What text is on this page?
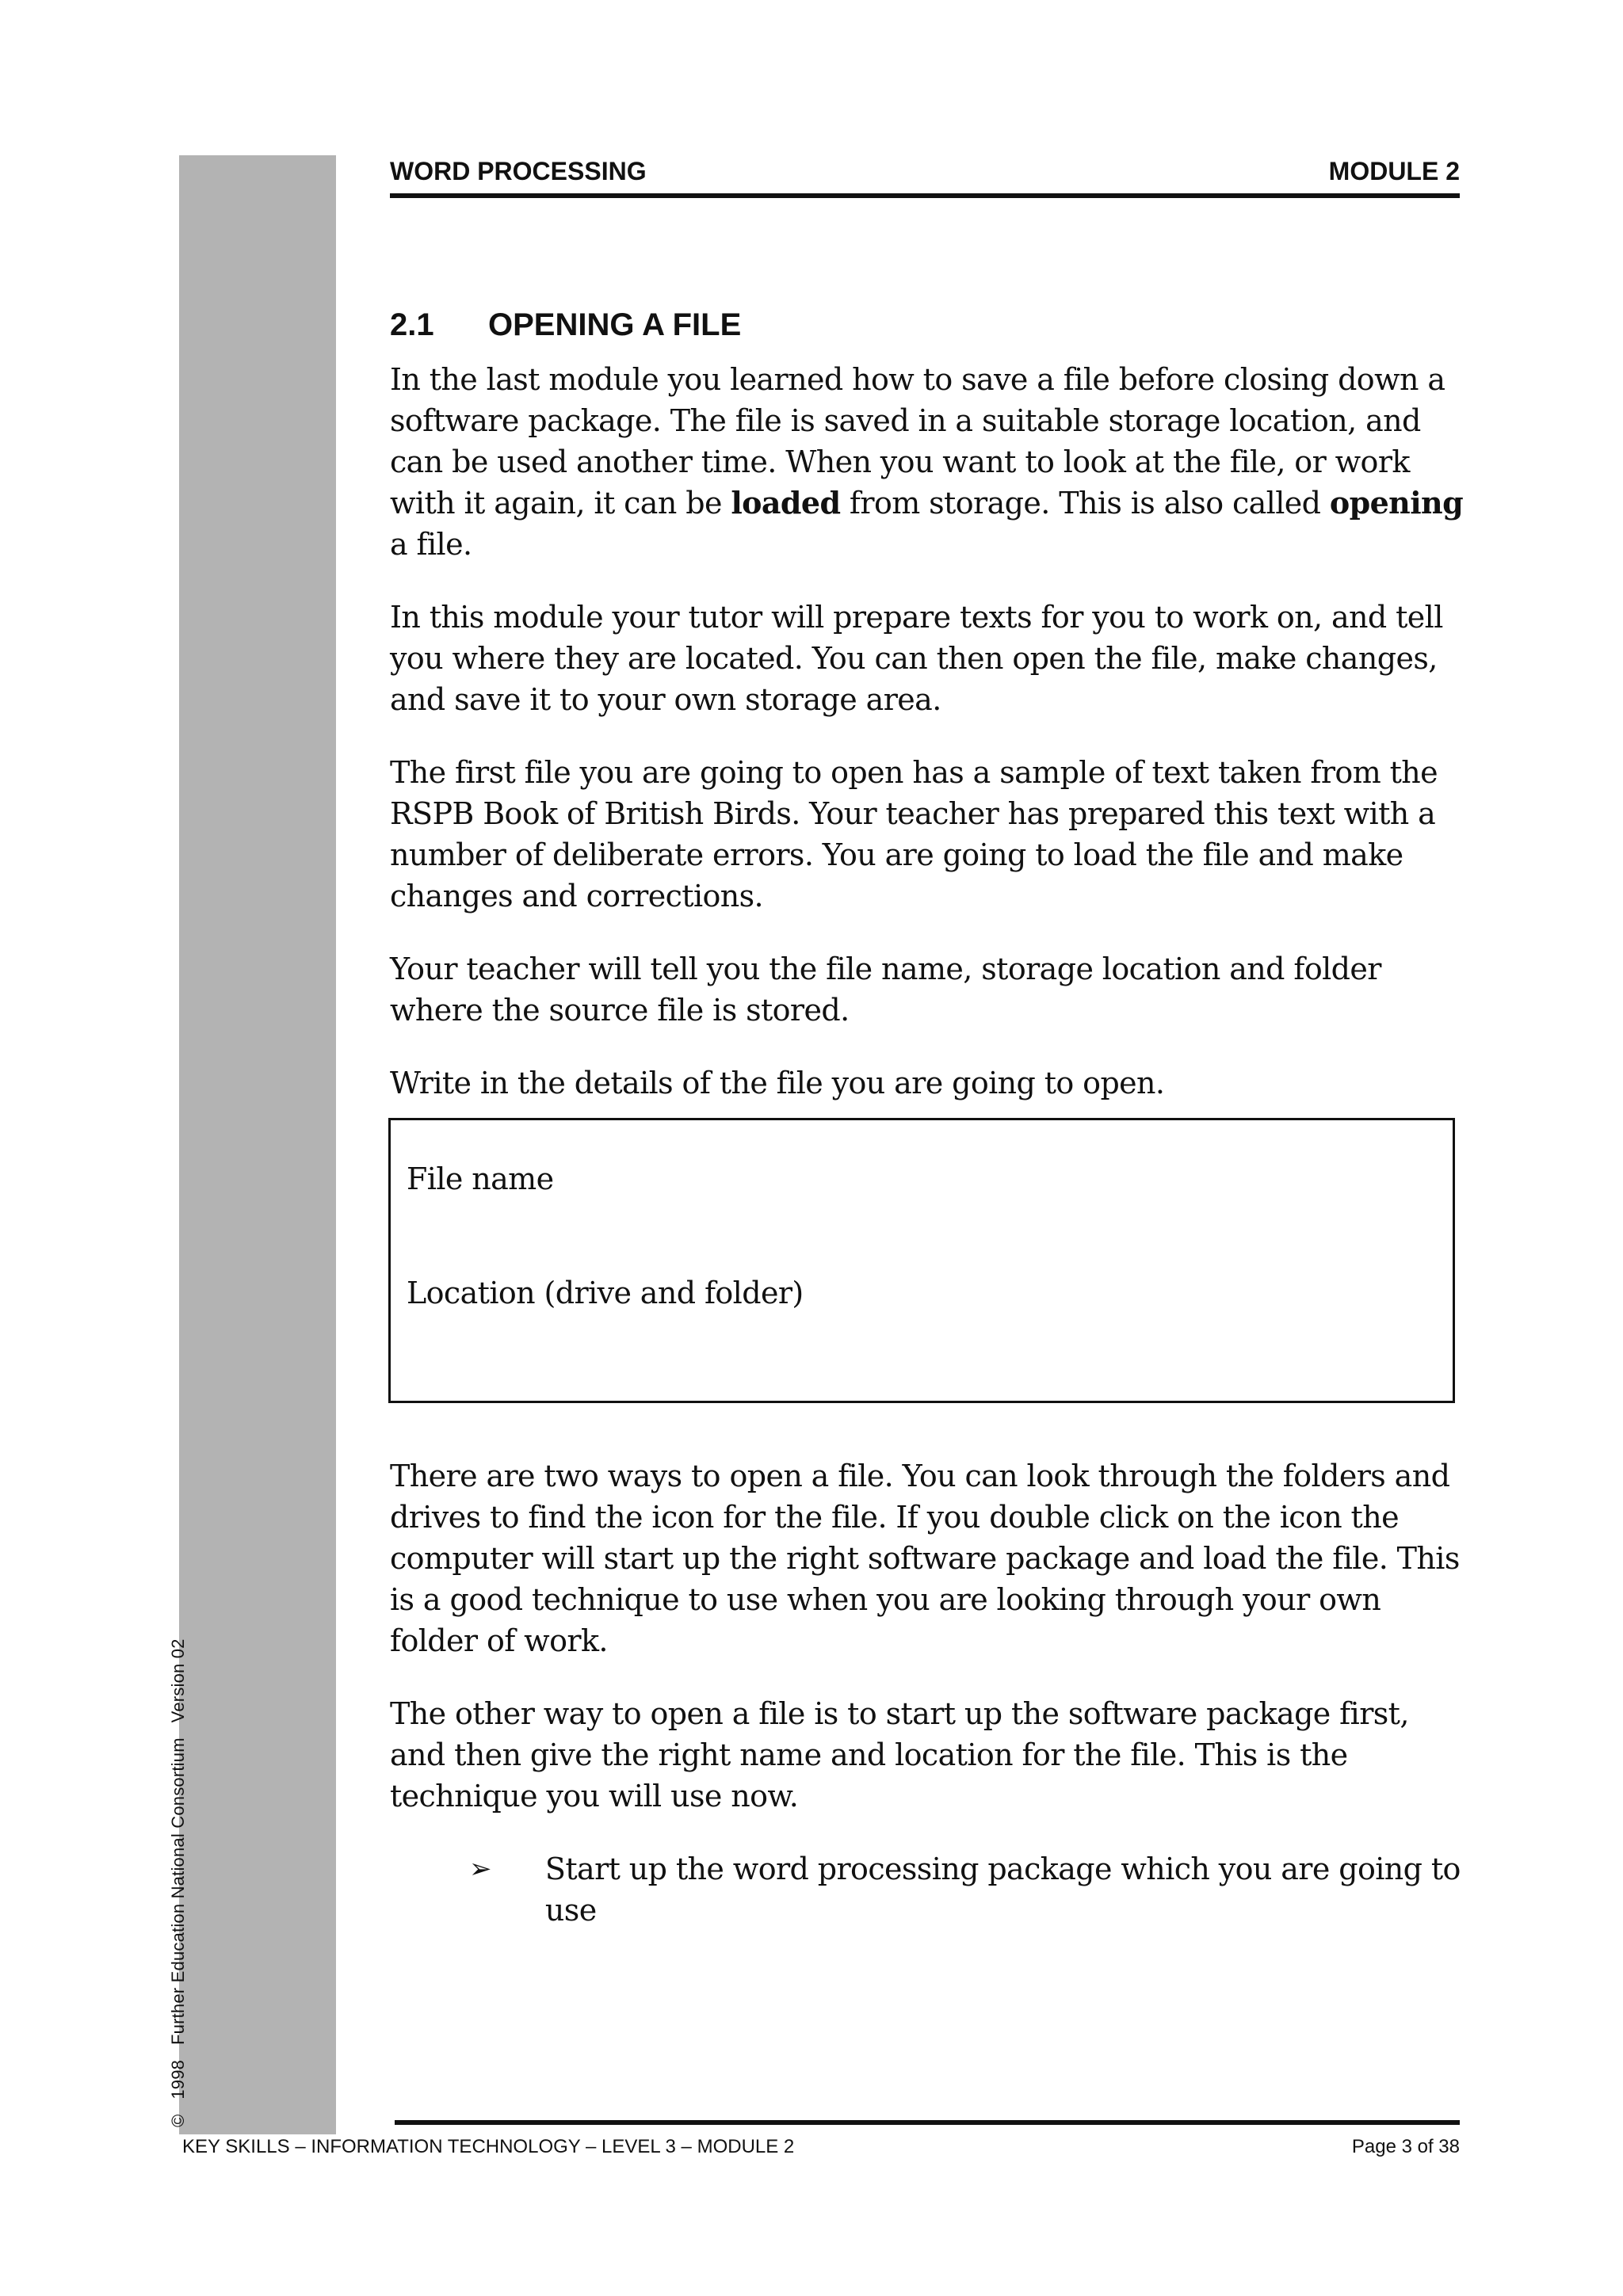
©   1998   Further Education National Consortium   Version 02
WORD PROCESSING	MODULE 2
2.1	OPENING A FILE

In the last module you learned how to save a file before closing down a software package. The file is saved in a suitable storage location, and can be used another time. When you want to look at the file, or work with it again, it can be loaded from storage. This is also called opening a file.

In this module your tutor will prepare texts for you to work on, and tell you where they are located. You can then open the file, make changes, and save it to your own storage area.

The first file you are going to open has a sample of text taken from the RSPB Book of British Birds. Your teacher has prepared this text with a number of deliberate errors. You are going to load the file and make changes and corrections.

Your teacher will tell you the file name, storage location and folder where the source file is stored.

Write in the details of the file you are going to open.

File name
Location (drive and folder)

There are two ways to open a file. You can look through the folders and drives to find the icon for the file. If you double click on the icon the computer will start up the right software package and load the file. This is a good technique to use when you are looking through your own folder of work.

The other way to open a file is to start up the software package first, and then give the right name and location for the file. This is the technique you will use now.

➢	Start up the word processing package which you are going to use

KEY SKILLS – INFORMATION TECHNOLOGY – LEVEL 3 – MODULE 2	Page 3 of 38
